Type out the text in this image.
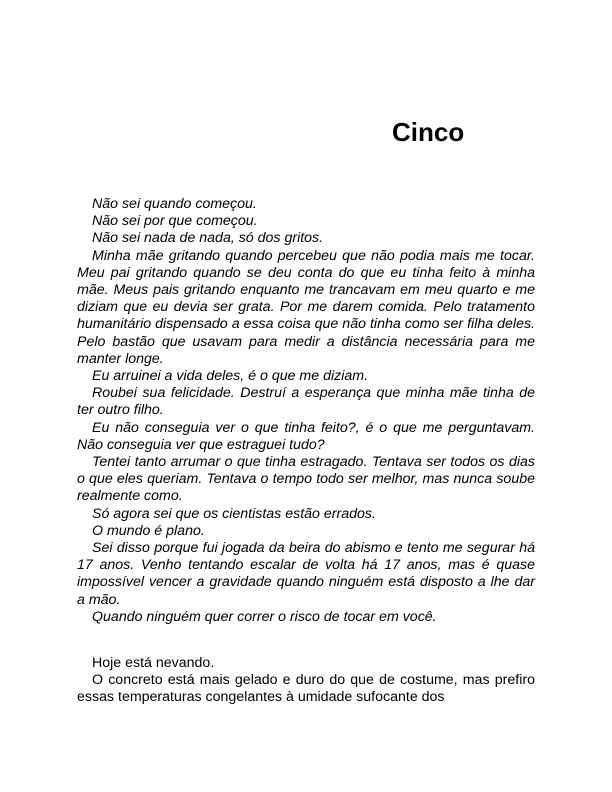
Cinco

Não sei quando começou.

Não sei por que começou.

Não sei nada de nada, só dos gritos.

Minha mãe gritando quando percebeu que não podia mais me tocar. Meu pai gritando quando se deu conta do que eu tinha feito à minha mãe. Meus pais gritando enquanto me trancavam em meu quarto e me diziam que eu devia ser grata. Por me darem comida. Pelo tratamento humanitário dispensado a essa coisa que não tinha como ser filha deles. Pelo bastão que usavam para medir a distância necessária para me manter longe.

Eu arruinei a vida deles, é o que me diziam.

Roubei sua felicidade. Destruí a esperança que minha mãe tinha de ter outro filho.

Eu não conseguia ver o que tinha feito?, é o que me perguntavam. Não conseguia ver que estraguei tudo?

Tentei tanto arrumar o que tinha estragado. Tentava ser todos os dias o que eles queriam. Tentava o tempo todo ser melhor, mas nunca soube realmente como.

Só agora sei que os cientistas estão errados.

O mundo é plano.

Sei disso porque fui jogada da beira do abismo e tento me segurar há 17 anos. Venho tentando escalar de volta há 17 anos, mas é quase impossível vencer a gravidade quando ninguém está disposto a lhe dar a mão.

Quando ninguém quer correr o risco de tocar em você.

Hoje está nevando.

O concreto está mais gelado e duro do que de costume, mas prefiro essas temperaturas congelantes à umidade sufocante dos
